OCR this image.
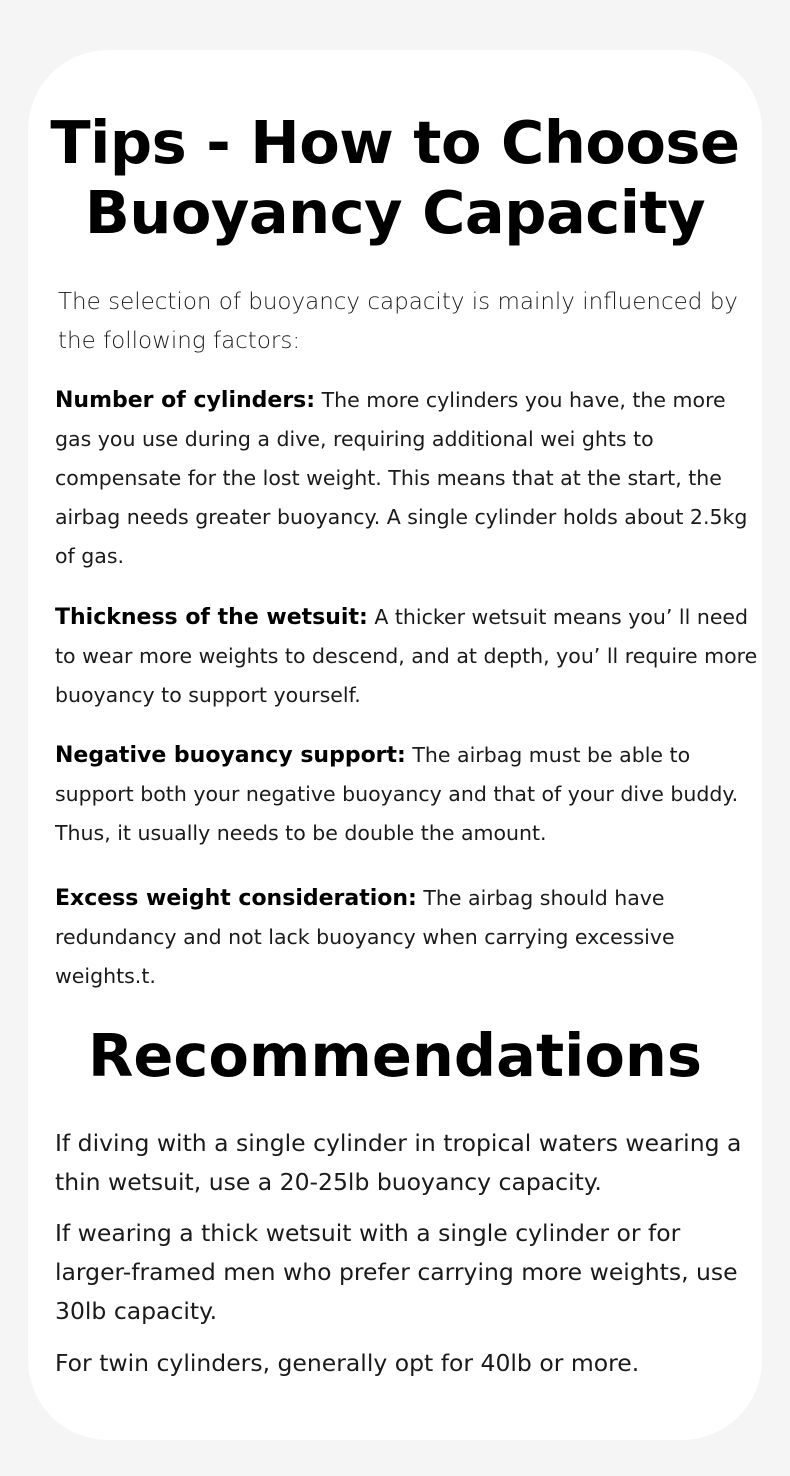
Tips - How to Choose Buoyancy Capacity

The selection of buoyancy capacity is mainly influenced by the following factors:

Number of cylinders: The more cylinders you have, the more gas you use during a dive, requiring additional wei ghts to compensate for the lost weight. This means that at the start, the airbag needs greater buoyancy. A single cylinder holds about 2.5kg of gas.

Thickness of the wetsuit: A thicker wetsuit means you’ ll need to wear more weights to descend, and at depth, you’ ll require more buoyancy to support yourself.

Negative buoyancy support: The airbag must be able to support both your negative buoyancy and that of your dive buddy. Thus, it usually needs to be double the amount.

Excess weight consideration: The airbag should have redundancy and not lack buoyancy when carrying excessive weights.t.

Recommendations

If diving with a single cylinder in tropical waters wearing a thin wetsuit, use a 20-25lb buoyancy capacity.

If wearing a thick wetsuit with a single cylinder or for larger-framed men who prefer carrying more weights, use 30lb capacity.

For twin cylinders, generally opt for 40lb or more.
